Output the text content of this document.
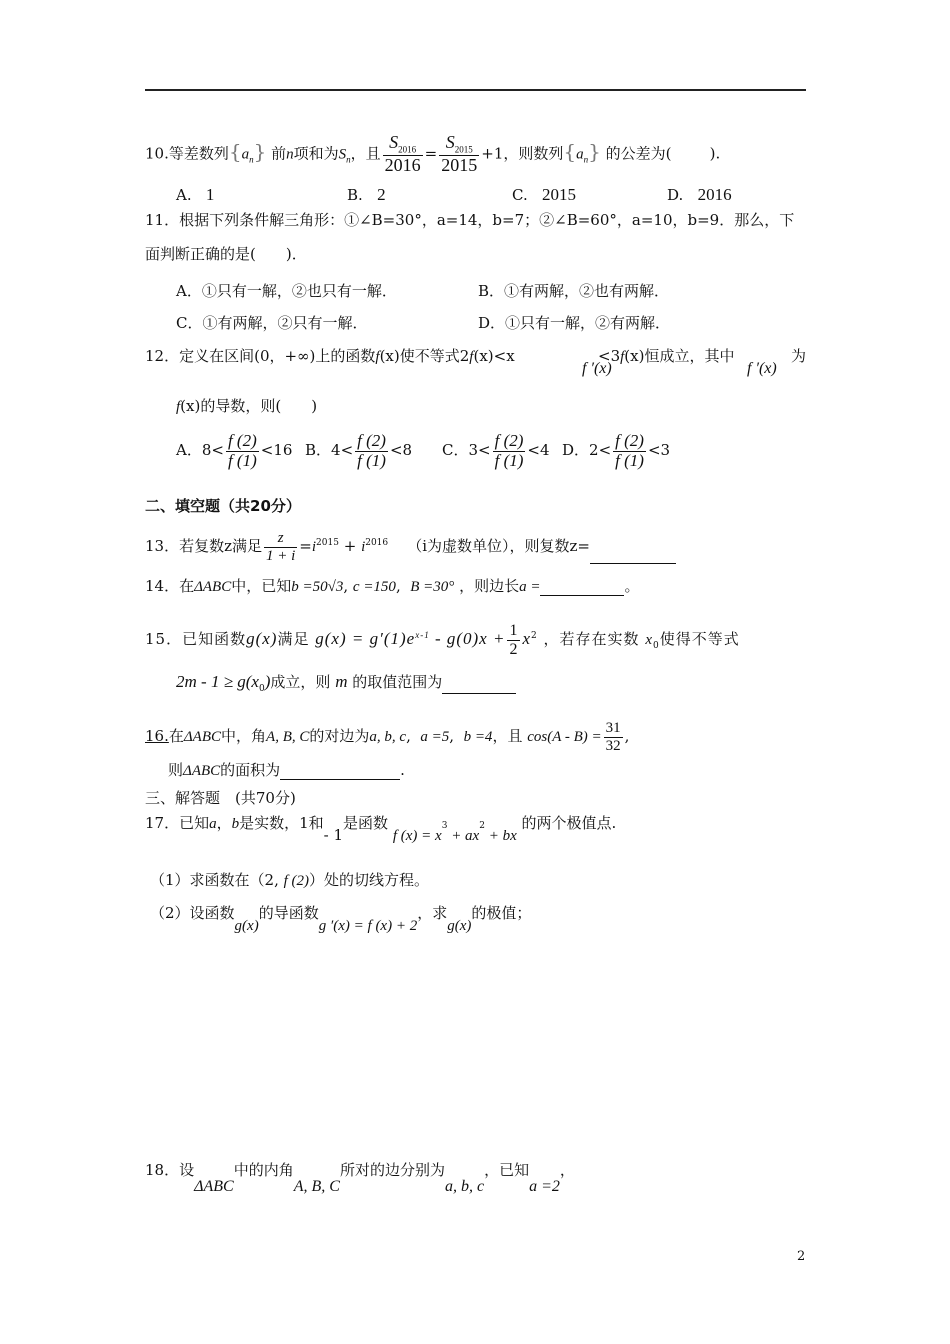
10.等差数列$\{a_n\}$ 前n项和为$S_n$，且 $\frac{S_{2016}}{2016} = \frac{S_{2015}}{2015} +1$，则数列$\{a_n\}$ 的公差为(	).
A. 1	B. 2	C. 2015	D. 2016
11．根据下列条件解三角形：①∠B=30°，a=14，b=7；②∠B=60°，a=10，b=9．那么，下
面判断正确的是(　　)．
A．①只有一解，②也只有一解．	B．①有两解，②也有两解．
C．①有两解，②只有一解．	D．①只有一解，②有两解．
12．定义在区间(0，+∞)上的函数f(x)使不等式2f(x)<x
f ′(x)
<3f(x)恒成立，其中
f ′(x)
为
f(x)的导数，则(　　)
A．$8< \frac{f (2)}{f (1)} <16$ B．$4< \frac{f (2)}{f (1)} <8$ C．$3< \frac{f (2)}{f (1)} <4$ D．$2< \frac{f (2)}{f (1)} <3$
二、填空题（共20分）
13．若复数z满足 $\frac{z}{1 + i} =i^{2015} + i^{2016}$ （i为虚数单位），则复数z=
14．在ΔABC中，已知b =50√3, c =150,  B =30° ，则边长a =	。
15．已知函数g(x)满足 $g(x) = g'(1)e^{x-1} - g(0)x + \frac{1}{2} x^2$ ，若存在实数 $x_0$使得不等式
$2m - 1 \ge g(x_0)$成立，则 m 的取值范围为
16.在ΔABC中，角A, B, C的对边为a, b, c,  a =5,  b =4，且 $\cos(A - B) = \frac{31}{32}$ ,
则ΔABC的面积为	.
三、解答题　(共70分)
17．已知a，b是实数，1和- 1是函数 f $(x) = x^3 + ax^2$ + bx 的两个极值点.
（1）求函数在（2, f (2)）处的切线方程。
（2）设函数g(x)的导函数g ′(x) = f (x) + 2，求g(x)的极值；
18．设ΔABC中的内角A, B, C所对的边分别为a, b, c，已知a =2，
2
